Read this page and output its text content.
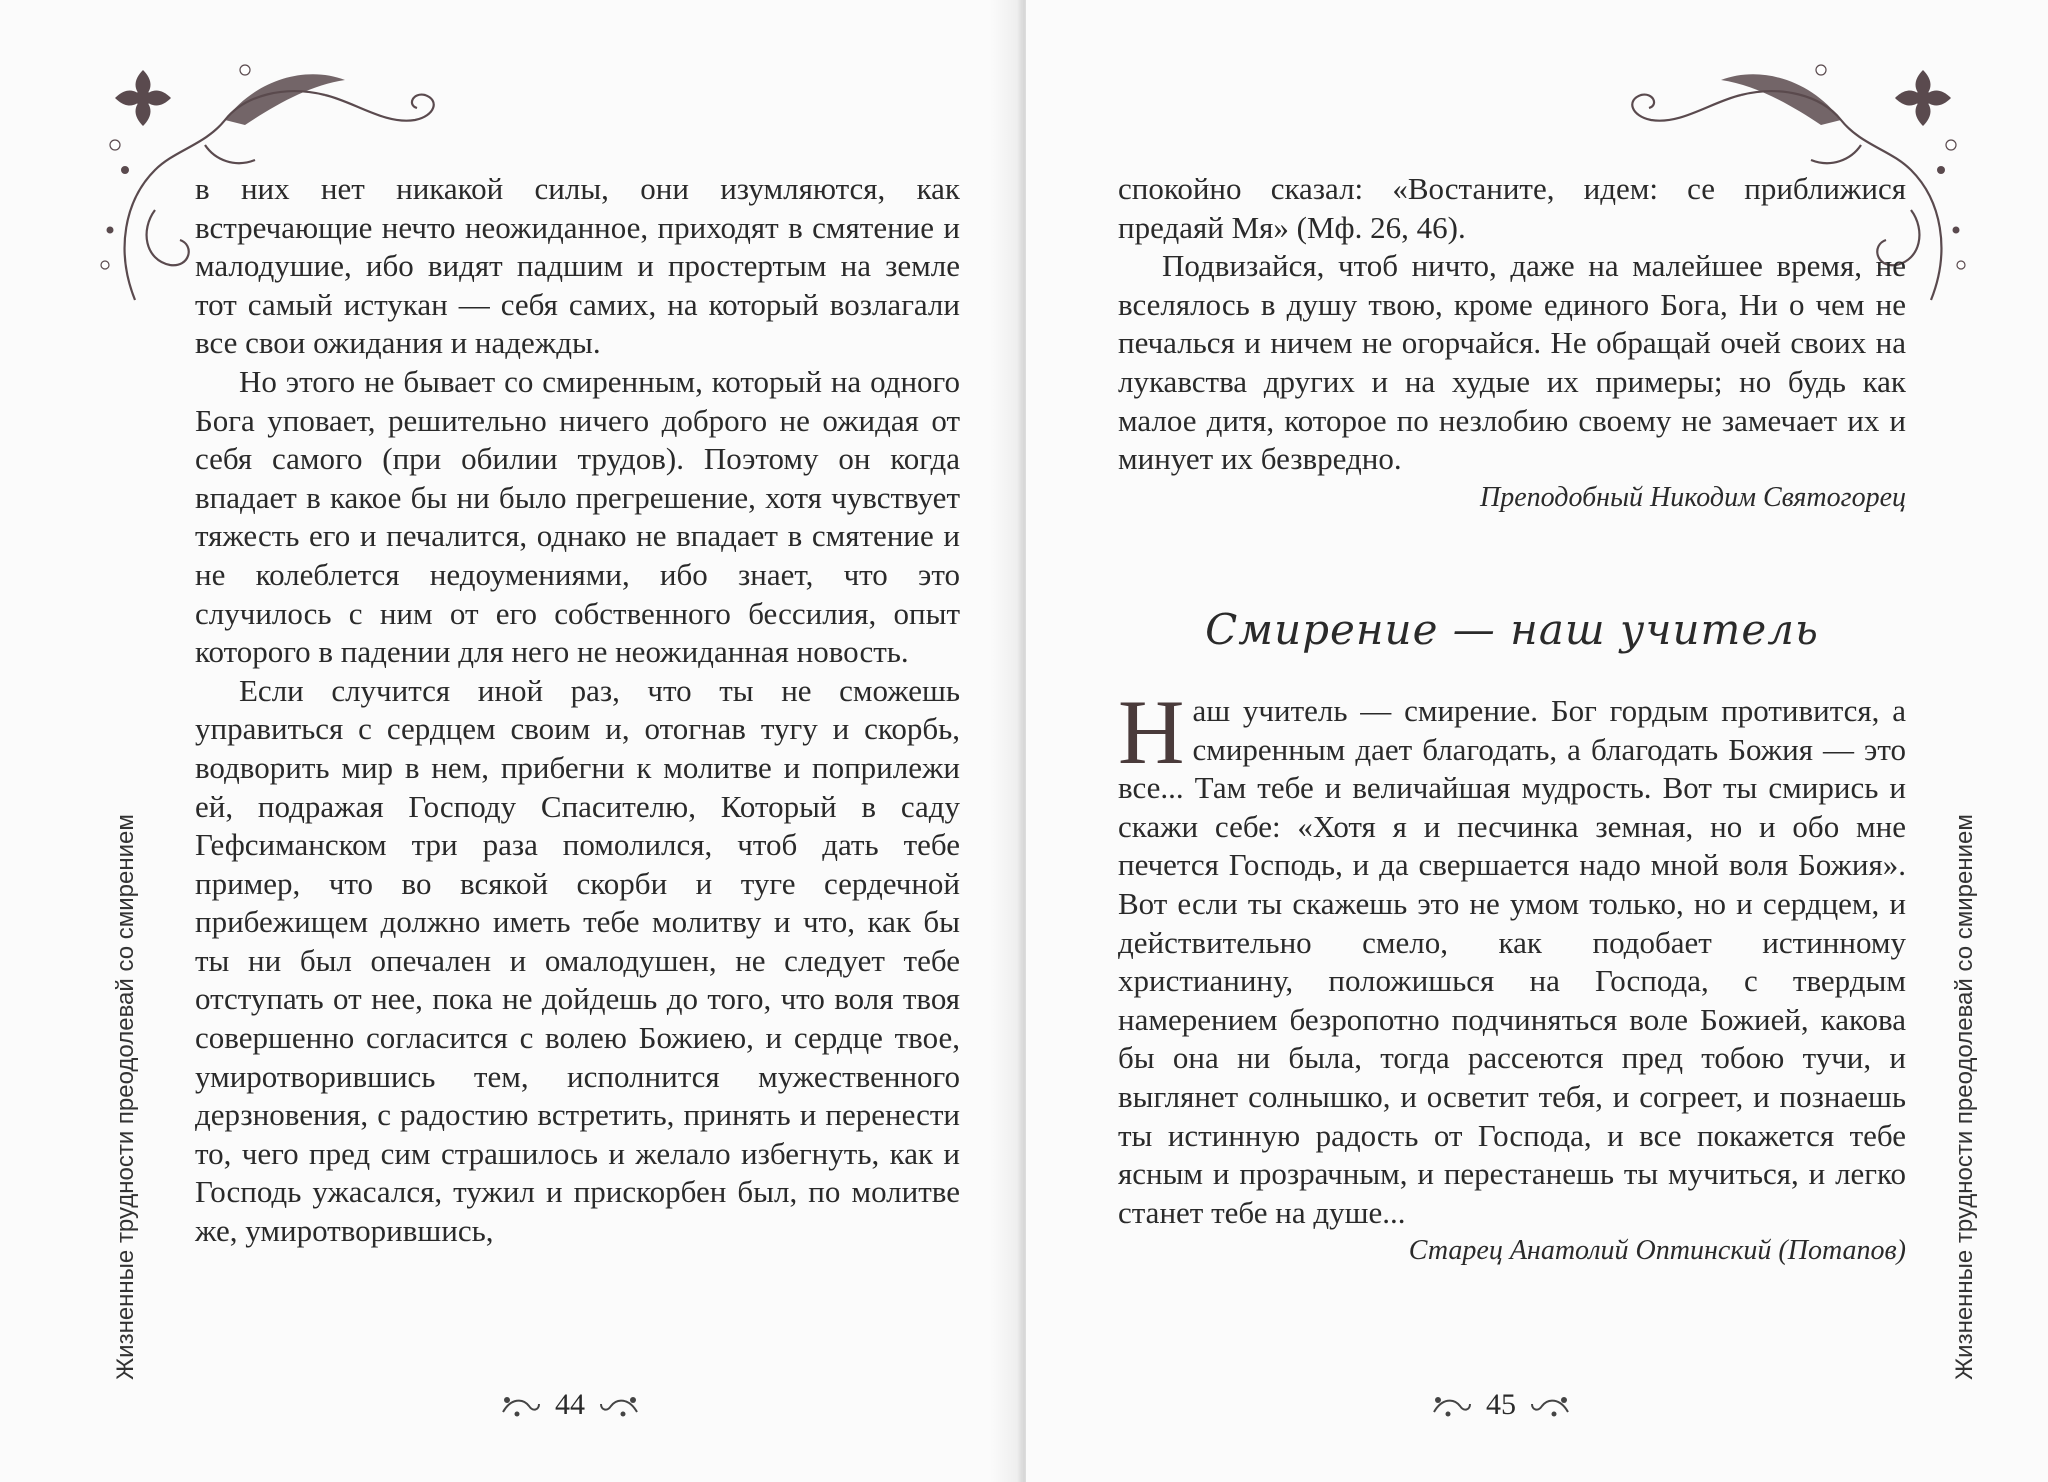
в них нет никакой силы, они изумляются, как встречающие нечто неожиданное, приходят в смятение и малодушие, ибо видят падшим и простертым на земле тот самый истукан — себя самих, на который возлагали все свои ожидания и надежды.

Но этого не бывает со смиренным, который на одного Бога уповает, решительно ничего доброго не ожидая от себя самого (при обилии трудов). Поэтому он когда впадает в какое бы ни было прегрешение, хотя чувствует тяжесть его и печалится, однако не впадает в смятение и не колеблется недоумениями, ибо знает, что это случилось с ним от его собственного бессилия, опыт которого в падении для него не неожиданная новость.

Если случится иной раз, что ты не сможешь управиться с сердцем своим и, отогнав тугу и скорбь, водворить мир в нем, прибегни к молитве и поприлежи ей, подражая Господу Спасителю, Который в саду Гефсиманском три раза помолился, чтоб дать тебе пример, что во всякой скорби и туге сердечной прибежищем должно иметь тебе молитву и что, как бы ты ни был опечален и омалодушен, не следует тебе отступать от нее, пока не дойдешь до того, что воля твоя совершенно согласится с волею Божиею, и сердце твое, умиротворившись тем, исполнится мужественного дерзновения, с радостию встретить, принять и перенести то, чего пред сим страшилось и желало избегнуть, как и Господь ужасался, тужил и прискорбен был, по молитве же, умиротворившись,

Жизненные трудности преодолевай со смирением
44

спокойно сказал: «Востаните, идем: се приближися предаяй Мя» (Мф. 26, 46).

Подвизайся, чтоб ничто, даже на малейшее время, не вселялось в душу твою, кроме единого Бога, Ни о чем не печалься и ничем не огорчайся. Не обращай очей своих на лукавства других и на худые их примеры; но будь как малое дитя, которое по незлобию своему не замечает их и минует их безвредно.

Преподобный Никодим Святогорец

Смирение — наш учитель

Наш учитель — смирение. Бог гордым противится, а смиренным дает благодать, а благодать Божия — это все... Там тебе и величайшая мудрость. Вот ты смирись и скажи себе: «Хотя я и песчинка земная, но и обо мне печется Господь, и да свершается надо мной воля Божия». Вот если ты скажешь это не умом только, но и сердцем, и действительно смело, как подобает истинному христианину, положишься на Господа, с твердым намерением безропотно подчиняться воле Божией, какова бы она ни была, тогда рассеются пред тобою тучи, и выглянет солнышко, и осветит тебя, и согреет, и познаешь ты истинную радость от Господа, и все покажется тебе ясным и прозрачным, и перестанешь ты мучиться, и легко станет тебе на душе...

Старец Анатолий Оптинский (Потапов) Жизненные трудности преодолевай со смирением
45
